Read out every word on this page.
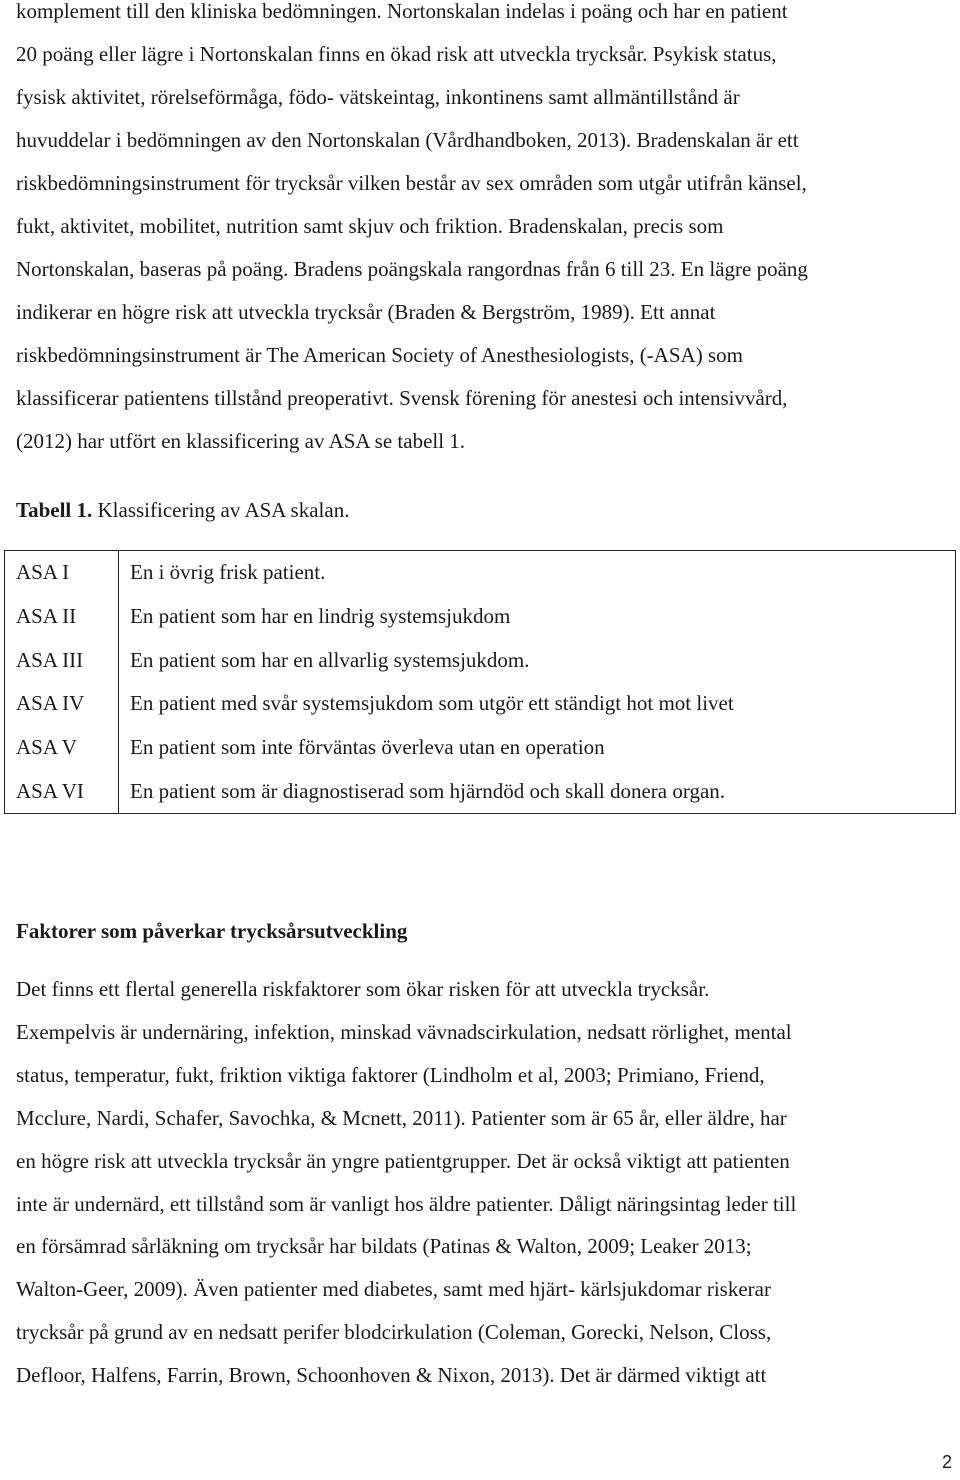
komplement till den kliniska bedömningen. Nortonskalan indelas i poäng och har en patient

20 poäng eller lägre i Nortonskalan finns en ökad risk att utveckla trycksår. Psykisk status,

fysisk aktivitet, rörelseförmåga, födo- vätskeintag, inkontinens samt allmäntillstånd är

huvuddelar i bedömningen av den Nortonskalan (Vårdhandboken, 2013). Bradenskalan är ett

riskbedömningsinstrument för trycksår vilken består av sex områden som utgår utifrån känsel,

fukt, aktivitet, mobilitet, nutrition samt skjuv och friktion. Bradenskalan, precis som

Nortonskalan, baseras på poäng. Bradens poängskala rangordnas från 6 till 23. En lägre poäng

indikerar en högre risk att utveckla trycksår (Braden & Bergström, 1989). Ett annat

riskbedömningsinstrument är The American Society of Anesthesiologists, (-ASA) som

klassificerar patientens tillstånd preoperativt. Svensk förening för anestesi och intensivvård,

(2012) har utfört en klassificering av ASA se tabell 1.

Tabell 1. Klassificering av ASA skalan.

ASA I	En i övrig frisk patient.
ASA II	En patient som har en lindrig systemsjukdom
ASA III	En patient som har en allvarlig systemsjukdom.
ASA IV	En patient med svår systemsjukdom som utgör ett ständigt hot mot livet
ASA V	En patient som inte förväntas överleva utan en operation
ASA VI	En patient som är diagnostiserad som hjärndöd och skall donera organ.
Faktorer som påverkar trycksårsutveckling

Det finns ett flertal generella riskfaktorer som ökar risken för att utveckla trycksår.

Exempelvis är undernäring, infektion, minskad vävnadscirkulation, nedsatt rörlighet, mental

status, temperatur, fukt, friktion viktiga faktorer (Lindholm et al, 2003; Primiano, Friend,

Mcclure, Nardi, Schafer, Savochka, & Mcnett, 2011). Patienter som är 65 år, eller äldre, har

en högre risk att utveckla trycksår än yngre patientgrupper. Det är också viktigt att patienten

inte är undernärd, ett tillstånd som är vanligt hos äldre patienter. Dåligt näringsintag leder till

en försämrad sårläkning om trycksår har bildats (Patinas & Walton, 2009; Leaker 2013;

Walton-Geer, 2009). Även patienter med diabetes, samt med hjärt- kärlsjukdomar riskerar

trycksår på grund av en nedsatt perifer blodcirkulation (Coleman, Gorecki, Nelson, Closs,

Defloor, Halfens, Farrin, Brown, Schoonhoven & Nixon, 2013). Det är därmed viktigt att

2
